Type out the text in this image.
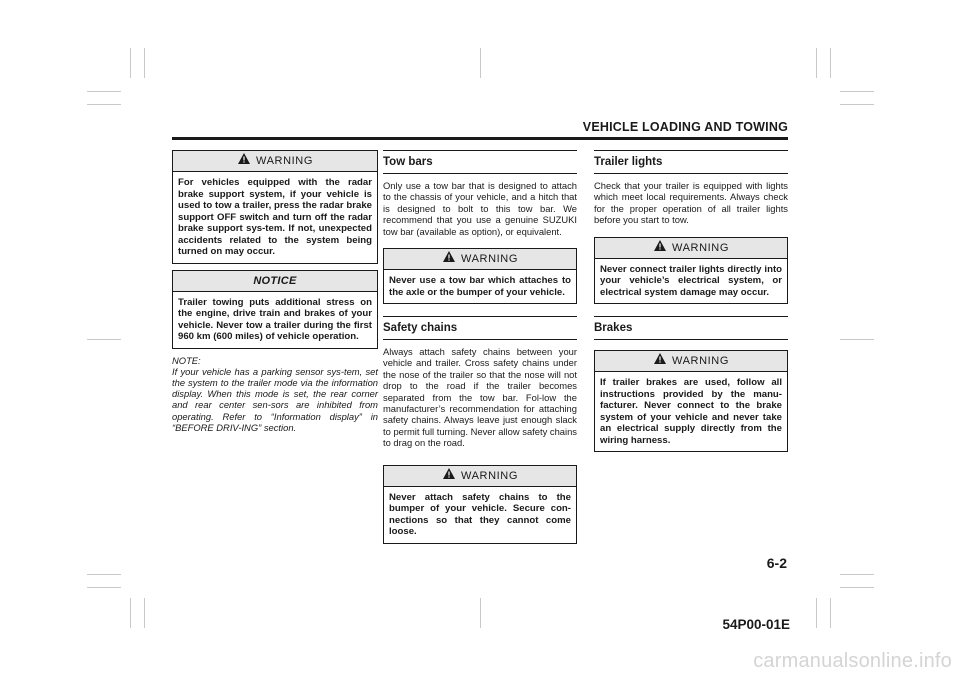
VEHICLE LOADING AND TOWING
WARNING
For vehicles equipped with the radar brake support system, if your vehicle is used to tow a trailer, press the radar brake support OFF switch and turn off the radar brake support sys-tem. If not, unexpected accidents related to the system being turned on may occur.
NOTICE
Trailer towing puts additional stress on the engine, drive train and brakes of your vehicle. Never tow a trailer during the first 960 km (600 miles) of vehicle operation.
NOTE:
If your vehicle has a parking sensor sys-tem, set the system to the trailer mode via the information display. When this mode is set, the rear corner and rear center sen-sors are inhibited from operating. Refer to “Information display” in “BEFORE DRIV-ING” section.
Tow bars
Only use a tow bar that is designed to attach to the chassis of your vehicle, and a hitch that is designed to bolt to this tow bar. We recommend that you use a genuine SUZUKI tow bar (available as option), or equivalent.
WARNING
Never use a tow bar which attaches to the axle or the bumper of your vehicle.
Safety chains
Always attach safety chains between your vehicle and trailer. Cross safety chains under the nose of the trailer so that the nose will not drop to the road if the trailer becomes separated from the tow bar. Fol-low the manufacturer’s recommendation for attaching safety chains. Always leave just enough slack to permit full turning. Never allow safety chains to drag on the road.
WARNING
Never attach safety chains to the bumper of your vehicle. Secure con-nections so that they cannot come loose.
Trailer lights
Check that your trailer is equipped with lights which meet local requirements. Always check for the proper operation of all trailer lights before you start to tow.
WARNING
Never connect trailer lights directly into your vehicle’s electrical system, or electrical system damage may occur.
Brakes
WARNING
If trailer brakes are used, follow all instructions provided by the manu-facturer. Never connect to the brake system of your vehicle and never take an electrical supply directly from the wiring harness.
6-2
54P00-01E
carmanualsonline.info
